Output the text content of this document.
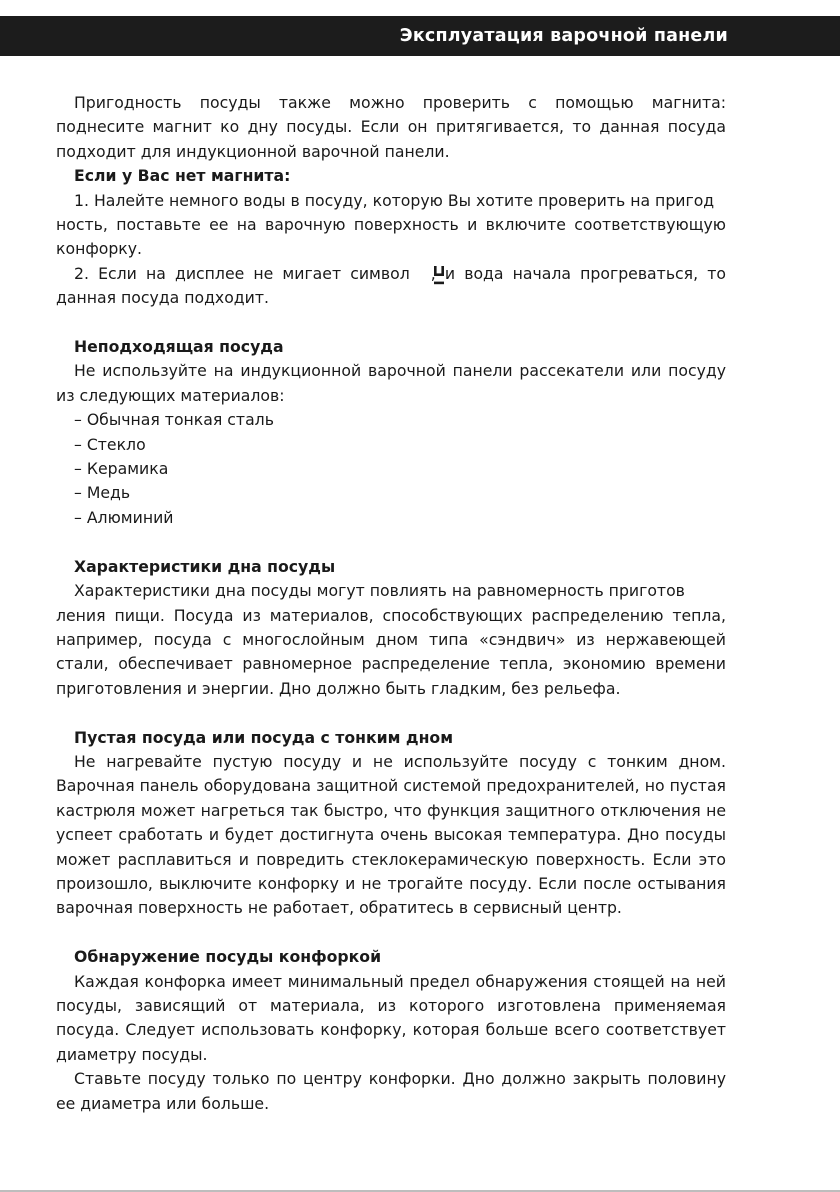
Эксплуатация варочной панели

Пригодность посуды также можно проверить с помощью магнита: поднесите магнит ко дну посуды. Если он притягивается, то данная посуда подходит для индукционной варочной панели.

Если у Вас нет магнита:

1. Налейте немного воды в посуду, которую Вы хотите проверить на пригод

ность, поставьте ее на варочную поверхность и включите соответствующую конфорку.

2. Если на дисплее не мигает символ , и вода начала прогреваться, то данная посуда подходит.

Неподходящая посуда

Не используйте на индукционной варочной панели рассекатели или посуду из следующих материалов:

– Обычная тонкая сталь

– Стекло

– Керамика

– Медь

– Алюминий

Характеристики дна посуды

Характеристики дна посуды могут повлиять на равномерность приготов

ления пищи. Посуда из материалов, способствующих распределению тепла, например, посуда с многослойным дном типа «сэндвич» из нержавеющей стали, обеспечивает равномерное распределение тепла, экономию времени приготовления и энергии. Дно должно быть гладким, без рельефа.

Пустая посуда или посуда с тонким дном

Не нагревайте пустую посуду и не используйте посуду с тонким дном. Варочная панель оборудована защитной системой предохранителей, но пустая кастрюля может нагреться так быстро, что функция защитного отключения не успеет сработать и будет достигнута очень высокая температура. Дно посуды может расплавиться и повредить стеклокерамическую поверхность. Если это произошло, выключите конфорку и не трогайте посуду. Если после остывания варочная поверхность не работает, обратитесь в сервисный центр.

Обнаружение посуды конфоркой

Каждая конфорка имеет минимальный предел обнаружения стоящей на ней посуды, зависящий от материала, из которого изготовлена применяемая посуда. Следует использовать конфорку, которая больше всего соответствует диаметру посуды.

Ставьте посуду только по центру конфорки. Дно должно закрыть половину ее диаметра или больше.
